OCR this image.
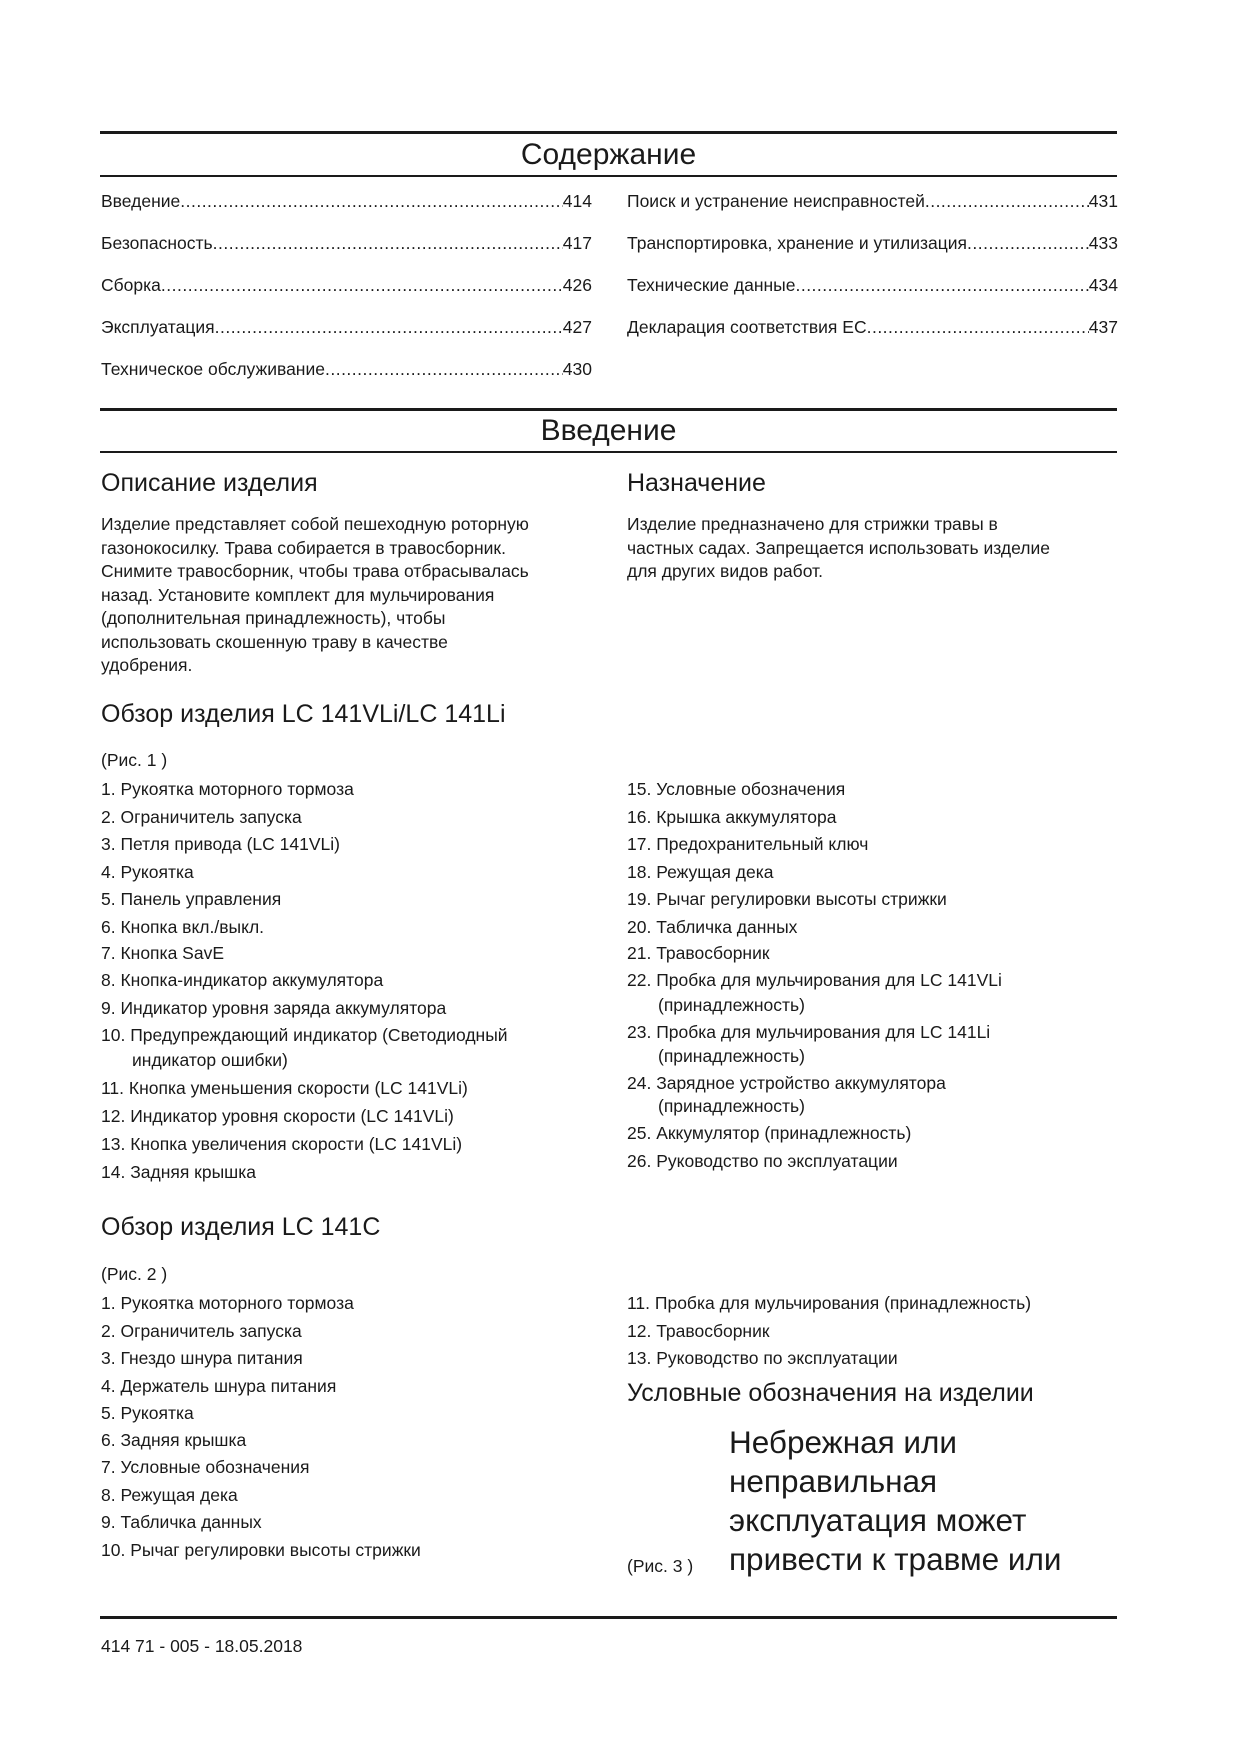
Содержание
Введение .....	414
Безопасность .....	417
Сборка .....	426
Эксплуатация .....	427
Техническое обслуживание .....	430
Поиск и устранение неисправностей .....	431
Транспортировка, хранение и утилизация .....	433
Технические данные .....	434
Декларация соответствия ЕС .....	437
Введение
Описание изделия
Изделие представляет собой пешеходную роторную
газонокосилку. Трава собирается в травосборник.
Снимите травосборник, чтобы трава отбрасывалась
назад. Установите комплект для мульчирования
(дополнительная принадлежность), чтобы
использовать скошенную траву в качестве
удобрения.
Назначение
Изделие предназначено для стрижки травы в
частных садах. Запрещается использовать изделие
для других видов работ.
Обзор изделия LC 141VLi/LC 141Li
(Рис. 1 )
1. Рукоятка моторного тормоза
2. Ограничитель запуска
3. Петля привода (LC 141VLi)
4. Рукоятка
5. Панель управления
6. Кнопка вкл./выкл.
7. Кнопка SavE
8. Кнопка-индикатор аккумулятора
9. Индикатор уровня заряда аккумулятора
10. Предупреждающий индикатор (Светодиодный
индикатор ошибки)
11. Кнопка уменьшения скорости (LC 141VLi)
12. Индикатор уровня скорости (LC 141VLi)
13. Кнопка увеличения скорости (LC 141VLi)
14. Задняя крышка
15. Условные обозначения
16. Крышка аккумулятора
17. Предохранительный ключ
18. Режущая дека
19. Рычаг регулировки высоты стрижки
20. Табличка данных
21. Травосборник
22. Пробка для мульчирования для LC 141VLi
(принадлежность)
23. Пробка для мульчирования для LC 141Li
(принадлежность)
24. Зарядное устройство аккумулятора
(принадлежность)
25. Аккумулятор (принадлежность)
26. Руководство по эксплуатации
Обзор изделия LC 141C
(Рис. 2 )
1. Рукоятка моторного тормоза
2. Ограничитель запуска
3. Гнездо шнура питания
4. Держатель шнура питания
5. Рукоятка
6. Задняя крышка
7. Условные обозначения
8. Режущая дека
9. Табличка данных
10. Рычаг регулировки высоты стрижки
11. Пробка для мульчирования (принадлежность)
12. Травосборник
13. Руководство по эксплуатации
Условные обозначения на изделии
Небрежная или
неправильная
эксплуатация может
привести к травме или
(Рис. 3 )
414 71 - 005 - 18.05.2018
